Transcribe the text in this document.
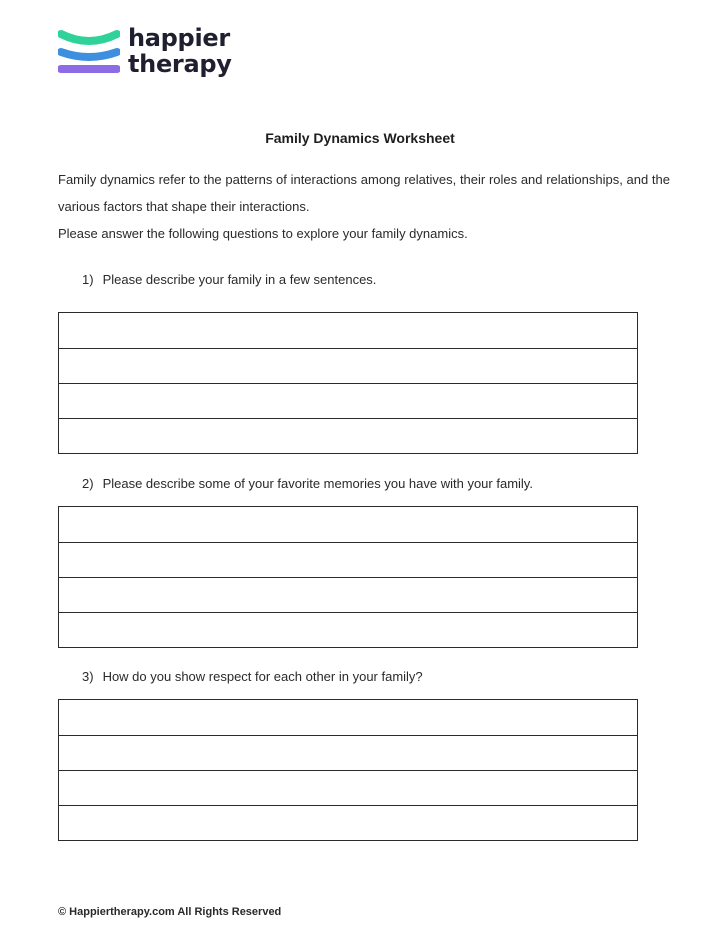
happier
therapy
Family Dynamics Worksheet

Family dynamics refer to the patterns of interactions among relatives, their roles and relationships, and the various factors that shape their interactions.

Please answer the following questions to explore your family dynamics.

1) Please describe your family in a few sentences.
2) Please describe some of your favorite memories you have with your family.
3) How do you show respect for each other in your family?
© Happiertherapy.com All Rights Reserved
